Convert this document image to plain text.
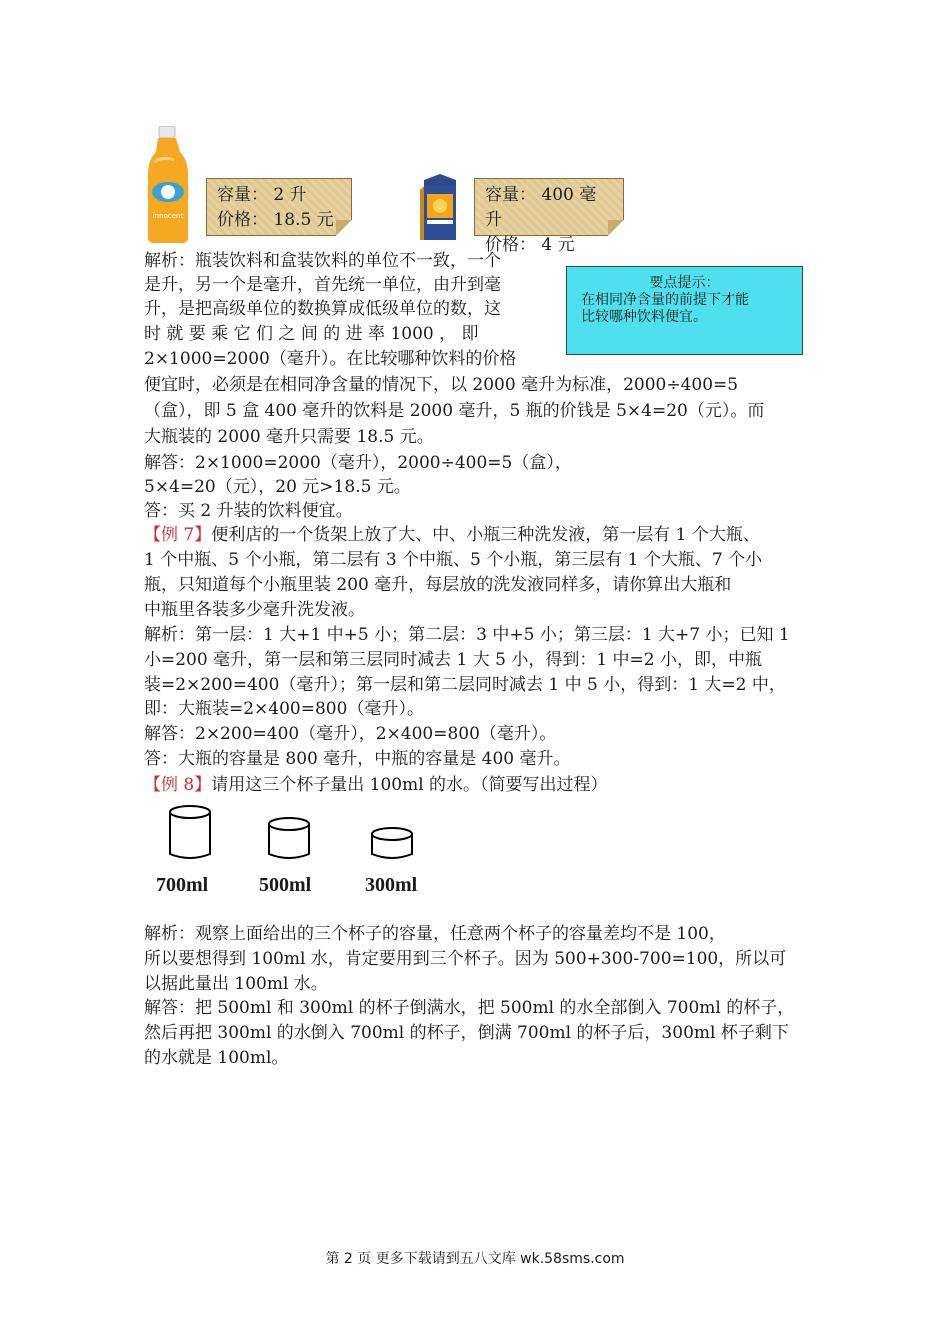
innocent
容量： 2 升
价格： 18.5 元
容量： 400 毫升
价格： 4 元
要点提示：
在相同净含量的前提下才能
比较哪种饮料便宜。
解析：瓶装饮料和盒装饮料的单位不一致，一个
是升，另一个是毫升，首先统一单位，由升到毫
升，是把高级单位的数换算成低级单位的数，这
时 就 要 乘 它 们 之 间 的 进 率 1000 ， 即
2×1000=2000（毫升）。在比较哪种饮料的价格
便宜时，必须是在相同净含量的情况下，以 2000 毫升为标准，2000÷400=5
（盒），即 5 盒 400 毫升的饮料是 2000 毫升，5 瓶的价钱是 5×4=20（元）。而
大瓶装的 2000 毫升只需要 18.5 元。
解答：2×1000=2000（毫升），2000÷400=5（盒），
5×4=20（元），20 元>18.5 元。
答：买 2 升装的饮料便宜。
【例 7】便利店的一个货架上放了大、中、小瓶三种洗发液，第一层有 1 个大瓶、
1 个中瓶、5 个小瓶，第二层有 3 个中瓶、5 个小瓶，第三层有 1 个大瓶、7 个小
瓶，只知道每个小瓶里装 200 毫升，每层放的洗发液同样多，请你算出大瓶和
中瓶里各装多少毫升洗发液。
解析：第一层：1 大+1 中+5 小；第二层：3 中+5 小；第三层：1 大+7 小；已知 1
小=200 毫升，第一层和第三层同时减去 1 大 5 小，得到：1 中=2 小，即，中瓶
装=2×200=400（毫升）；第一层和第二层同时减去 1 中 5 小，得到：1 大=2 中，
即：大瓶装=2×400=800（毫升）。
解答：2×200=400（毫升），2×400=800（毫升）。
答：大瓶的容量是 800 毫升，中瓶的容量是 400 毫升。
【例 8】请用这三个杯子量出 100ml 的水。（简要写出过程）
700ml	500ml	300ml
解析：观察上面给出的三个杯子的容量，任意两个杯子的容量差均不是 100，
所以要想得到 100ml 水，肯定要用到三个杯子。因为 500+300-700=100，所以可
以据此量出 100ml 水。
解答：把 500ml 和 300ml 的杯子倒满水，把 500ml 的水全部倒入 700ml 的杯子，
然后再把 300ml 的水倒入 700ml 的杯子，倒满 700ml 的杯子后，300ml 杯子剩下
的水就是 100ml。
第 2 页 更多下载请到五八文库 wk.58sms.com
